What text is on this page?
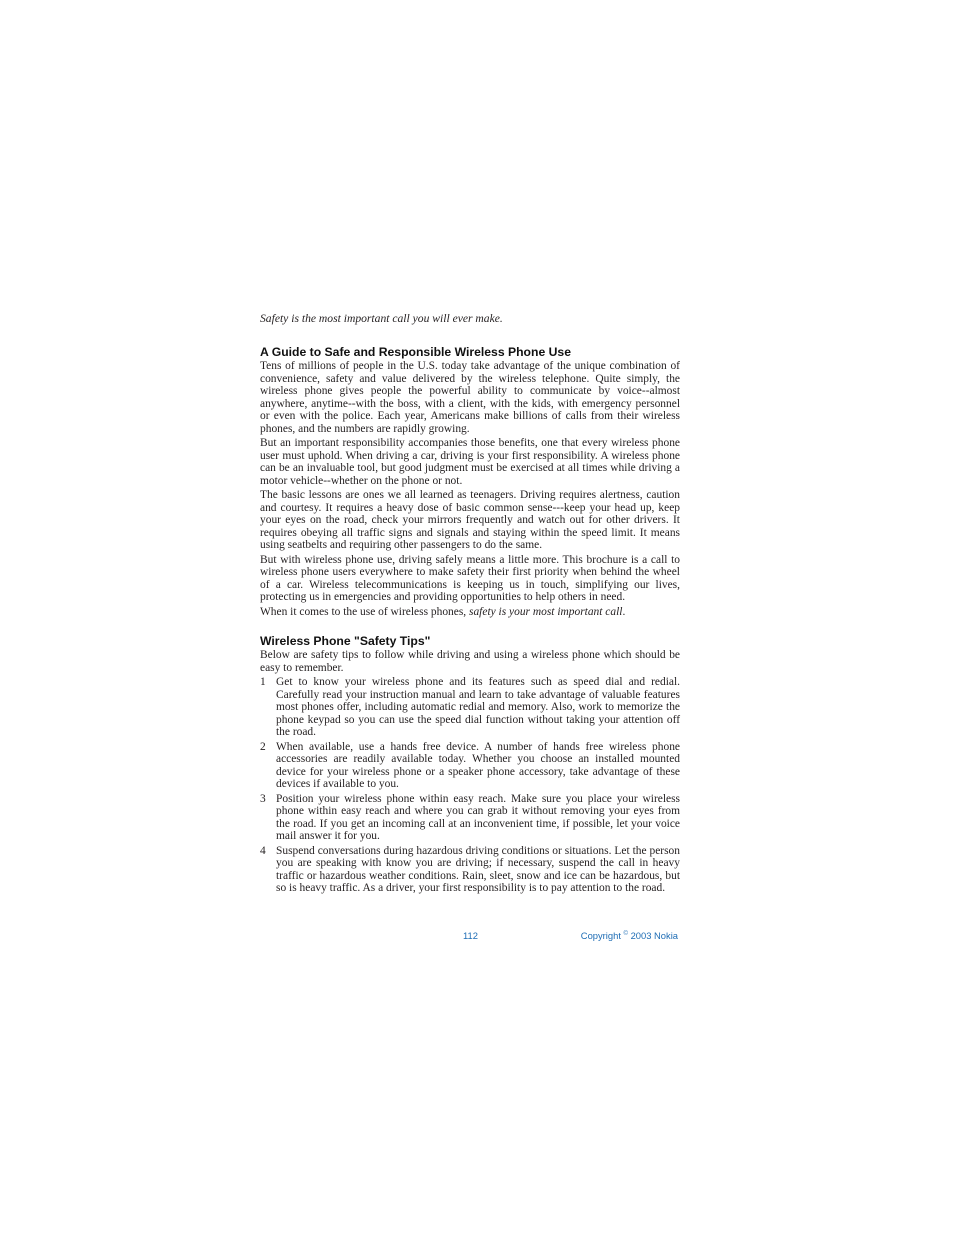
Safety is the most important call you will ever make.
A Guide to Safe and Responsible Wireless Phone Use

Tens of millions of people in the U.S. today take advantage of the unique combination of convenience, safety and value delivered by the wireless telephone. Quite simply, the wireless phone gives people the powerful ability to communicate by voice--almost anywhere, anytime--with the boss, with a client, with the kids, with emergency personnel or even with the police. Each year, Americans make billions of calls from their wireless phones, and the numbers are rapidly growing.

But an important responsibility accompanies those benefits, one that every wireless phone user must uphold. When driving a car, driving is your first responsibility. A wireless phone can be an invaluable tool, but good judgment must be exercised at all times while driving a motor vehicle--whether on the phone or not.

The basic lessons are ones we all learned as teenagers. Driving requires alertness, caution and courtesy. It requires a heavy dose of basic common sense---keep your head up, keep your eyes on the road, check your mirrors frequently and watch out for other drivers. It requires obeying all traffic signs and signals and staying within the speed limit. It means using seatbelts and requiring other passengers to do the same.

But with wireless phone use, driving safely means a little more. This brochure is a call to wireless phone users everywhere to make safety their first priority when behind the wheel of a car. Wireless telecommunications is keeping us in touch, simplifying our lives, protecting us in emergencies and providing opportunities to help others in need.

When it comes to the use of wireless phones, safety is your most important call.

Wireless Phone "Safety Tips"

Below are safety tips to follow while driving and using a wireless phone which should be easy to remember.

1 Get to know your wireless phone and its features such as speed dial and redial. Carefully read your instruction manual and learn to take advantage of valuable features most phones offer, including automatic redial and memory. Also, work to memorize the phone keypad so you can use the speed dial function without taking your attention off the road.
2 When available, use a hands free device. A number of hands free wireless phone accessories are readily available today. Whether you choose an installed mounted device for your wireless phone or a speaker phone accessory, take advantage of these devices if available to you.
3 Position your wireless phone within easy reach. Make sure you place your wireless phone within easy reach and where you can grab it without removing your eyes from the road. If you get an incoming call at an inconvenient time, if possible, let your voice mail answer it for you.
4 Suspend conversations during hazardous driving conditions or situations. Let the person you are speaking with know you are driving; if necessary, suspend the call in heavy traffic or hazardous weather conditions. Rain, sleet, snow and ice can be hazardous, but so is heavy traffic. As a driver, your first responsibility is to pay attention to the road.
112	Copyright © 2003 Nokia
